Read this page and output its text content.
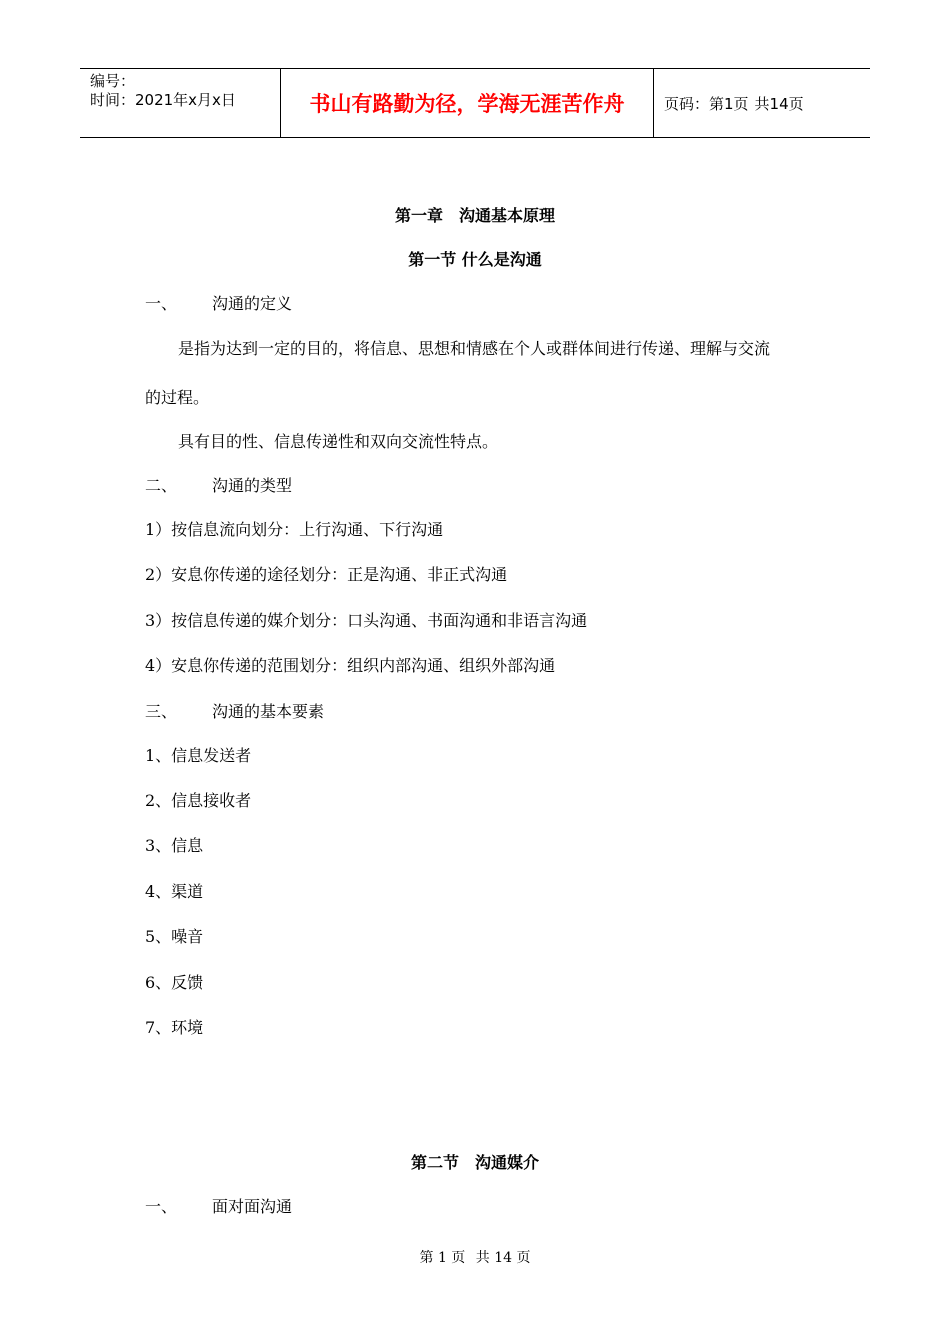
编号：
时间：2021年x月x日	书山有路勤为径，学海无涯苦作舟	页码：第1页 共14页
第一章　沟通基本原理
第一节 什么是沟通
一、 沟通的定义
是指为达到一定的目的，将信息、思想和情感在个人或群体间进行传递、理解与交流
的过程。
具有目的性、信息传递性和双向交流性特点。
二、 沟通的类型
1）按信息流向划分：上行沟通、下行沟通
2）安息你传递的途径划分：正是沟通、非正式沟通
3）按信息传递的媒介划分：口头沟通、书面沟通和非语言沟通
4）安息你传递的范围划分：组织内部沟通、组织外部沟通
三、 沟通的基本要素
1、信息发送者
2、信息接收者
3、信息
4、渠道
5、噪音
6、反馈
7、环境
第二节　沟通媒介
一、 面对面沟通
第 1 页 共 14 页
